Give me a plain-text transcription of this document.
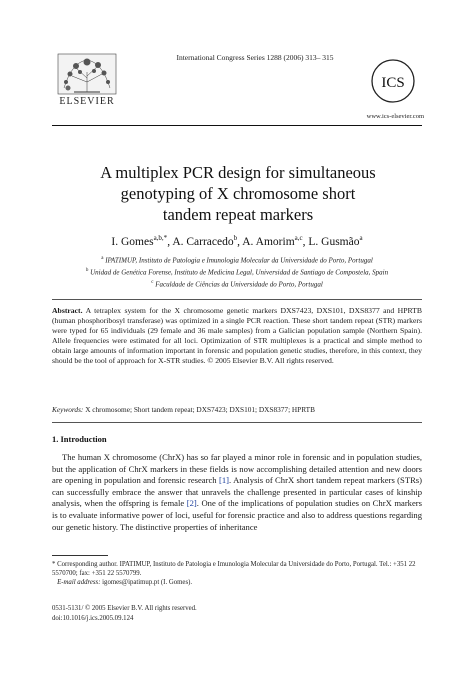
ELSEVIER
International Congress Series 1288 (2006) 313– 315
ICS
www.ics-elsevier.com
A multiplex PCR design for simultaneous
genotyping of X chromosome short
tandem repeat markers
I. Gomes$^{a,b,*}$, A. Carracedo$^b$, A. Amorim$^{a,c}$, L. Gusmão$^a$
$^a$ IPATIMUP, Instituto de Patologia e Imunologia Molecular da Universidade do Porto, Portugal
$^b$ Unidad de Genética Forense, Instituto de Medicina Legal, Universidad de Santiago de Compostela, Spain
$^c$ Faculdade de Ciências da Universidade do Porto, Portugal
Abstract. A tetraplex system for the X chromosome genetic markers DXS7423, DXS101, DXS8377 and HPRTB (human phosphoribosyl transferase) was optimized in a single PCR reaction. These short tandem repeat (STR) markers were typed for 65 individuals (29 female and 36 male samples) from a Galician population sample (Northern Spain). Allele frequencies were estimated for all loci. Optimization of STR multiplexes is a practical and simple method to obtain large amounts of information important in forensic and population genetic studies, therefore, in this context, they should be the tool of approach for X-STR studies. © 2005 Elsevier B.V. All rights reserved.
Keywords: X chromosome; Short tandem repeat; DXS7423; DXS101; DXS8377; HPRTB
1. Introduction
The human X chromosome (ChrX) has so far played a minor role in forensic and in population studies, but the application of ChrX markers in these fields is now accomplishing detailed attention and new doors are opening in population and forensic research [1]. Analysis of ChrX short tandem repeat markers (STRs) can successfully embrace the answer that unravels the challenge presented in particular cases of kinship analysis, when the offspring is female [2]. One of the implications of population studies on ChrX markers is to evaluate informative power of loci, useful for forensic practice and also to address questions regarding our genetic history. The distinctive properties of inheritance
* Corresponding author. IPATIMUP, Instituto de Patologia e Imunologia Molecular da Universidade do Porto, Portugal. Tel.: +351 22 5570700; fax: +351 22 5570799.
E-mail address: igomes@ipatimup.pt (I. Gomes).
0531-5131/ © 2005 Elsevier B.V. All rights reserved.
doi:10.1016/j.ics.2005.09.124
